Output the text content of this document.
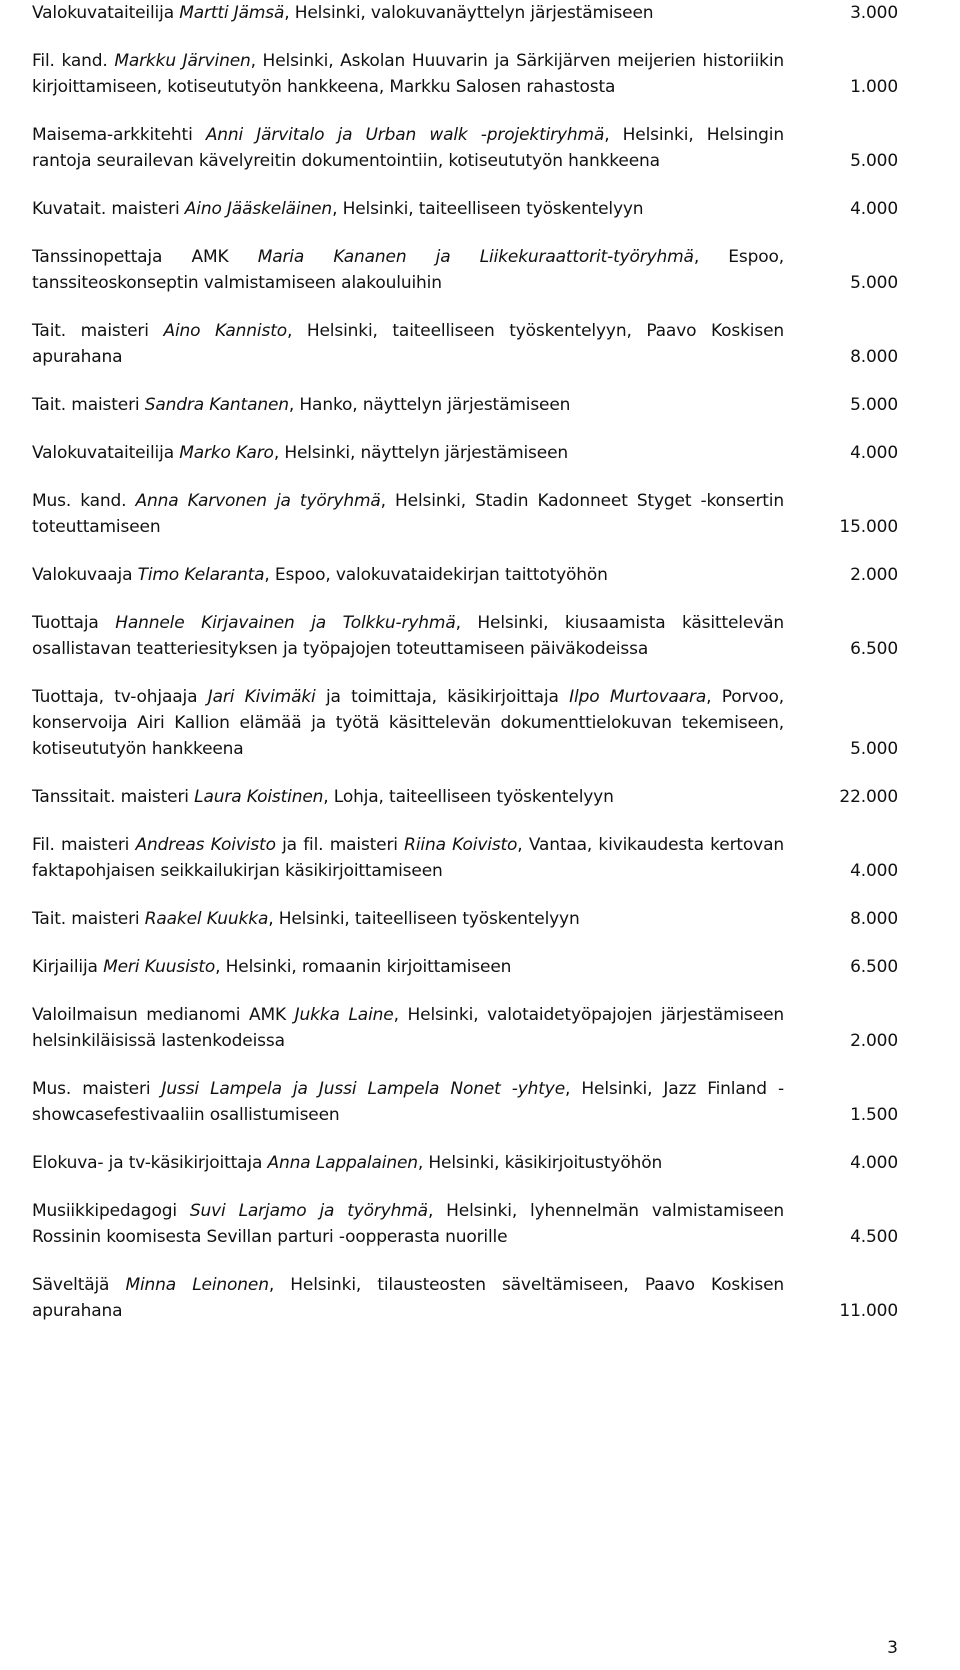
Valokuvataiteilija Martti Jämsä, Helsinki, valokuvanäyttelyn järjestämiseen	3.000
Fil. kand. Markku Järvinen, Helsinki, Askolan Huuvarin ja Särkijärven meijerien historiikin kirjoittamiseen, kotiseututyön hankkeena, Markku Salosen rahastosta	1.000
Maisema-arkkitehti Anni Järvitalo ja Urban walk -projektiryhmä, Helsinki, Helsingin rantoja seurailevan kävelyreitin dokumentointiin, kotiseututyön hankkeena	5.000
Kuvatait. maisteri Aino Jääskeläinen, Helsinki, taiteelliseen työskentelyyn	4.000
Tanssinopettaja AMK Maria Kananen ja Liikekuraattorit-työryhmä, Espoo, tanssiteoskonseptin valmistamiseen alakouluihin	5.000
Tait. maisteri Aino Kannisto, Helsinki, taiteelliseen työskentelyyn, Paavo Koskisen apurahana	8.000
Tait. maisteri Sandra Kantanen, Hanko, näyttelyn järjestämiseen	5.000
Valokuvataiteilija Marko Karo, Helsinki, näyttelyn järjestämiseen	4.000
Mus. kand. Anna Karvonen ja työryhmä, Helsinki, Stadin Kadonneet Styget -konsertin toteuttamiseen	15.000
Valokuvaaja Timo Kelaranta, Espoo, valokuvataidekirjan taittotyöhön	2.000
Tuottaja Hannele Kirjavainen ja Tolkku-ryhmä, Helsinki, kiusaamista käsittelevän osallistavan teatteriesityksen ja työpajojen toteuttamiseen päiväkodeissa	6.500
Tuottaja, tv-ohjaaja Jari Kivimäki ja toimittaja, käsikirjoittaja Ilpo Murtovaara, Porvoo, konservoija Airi Kallion elämää ja työtä käsittelevän dokumenttielokuvan tekemiseen, kotiseututyön hankkeena	5.000
Tanssitait. maisteri Laura Koistinen, Lohja, taiteelliseen työskentelyyn	22.000
Fil. maisteri Andreas Koivisto ja fil. maisteri Riina Koivisto, Vantaa, kivikaudesta kertovan faktapohjaisen seikkailukirjan käsikirjoittamiseen	4.000
Tait. maisteri Raakel Kuukka, Helsinki, taiteelliseen työskentelyyn	8.000
Kirjailija Meri Kuusisto, Helsinki, romaanin kirjoittamiseen	6.500
Valoilmaisun medianomi AMK Jukka Laine, Helsinki, valotaidetyöpajojen järjestämiseen helsinkiläisissä lastenkodeissa	2.000
Mus. maisteri Jussi Lampela ja Jussi Lampela Nonet -yhtye, Helsinki, Jazz Finland - showcasefestivaaliin osallistumiseen	1.500
Elokuva- ja tv-käsikirjoittaja Anna Lappalainen, Helsinki, käsikirjoitustyöhön	4.000
Musiikkipedagogi Suvi Larjamo ja työryhmä, Helsinki, lyhennelmän valmistamiseen Rossinin koomisesta Sevillan parturi -oopperasta nuorille	4.500
Säveltäjä Minna Leinonen, Helsinki, tilausteosten säveltämiseen, Paavo Koskisen apurahana	11.000
3
